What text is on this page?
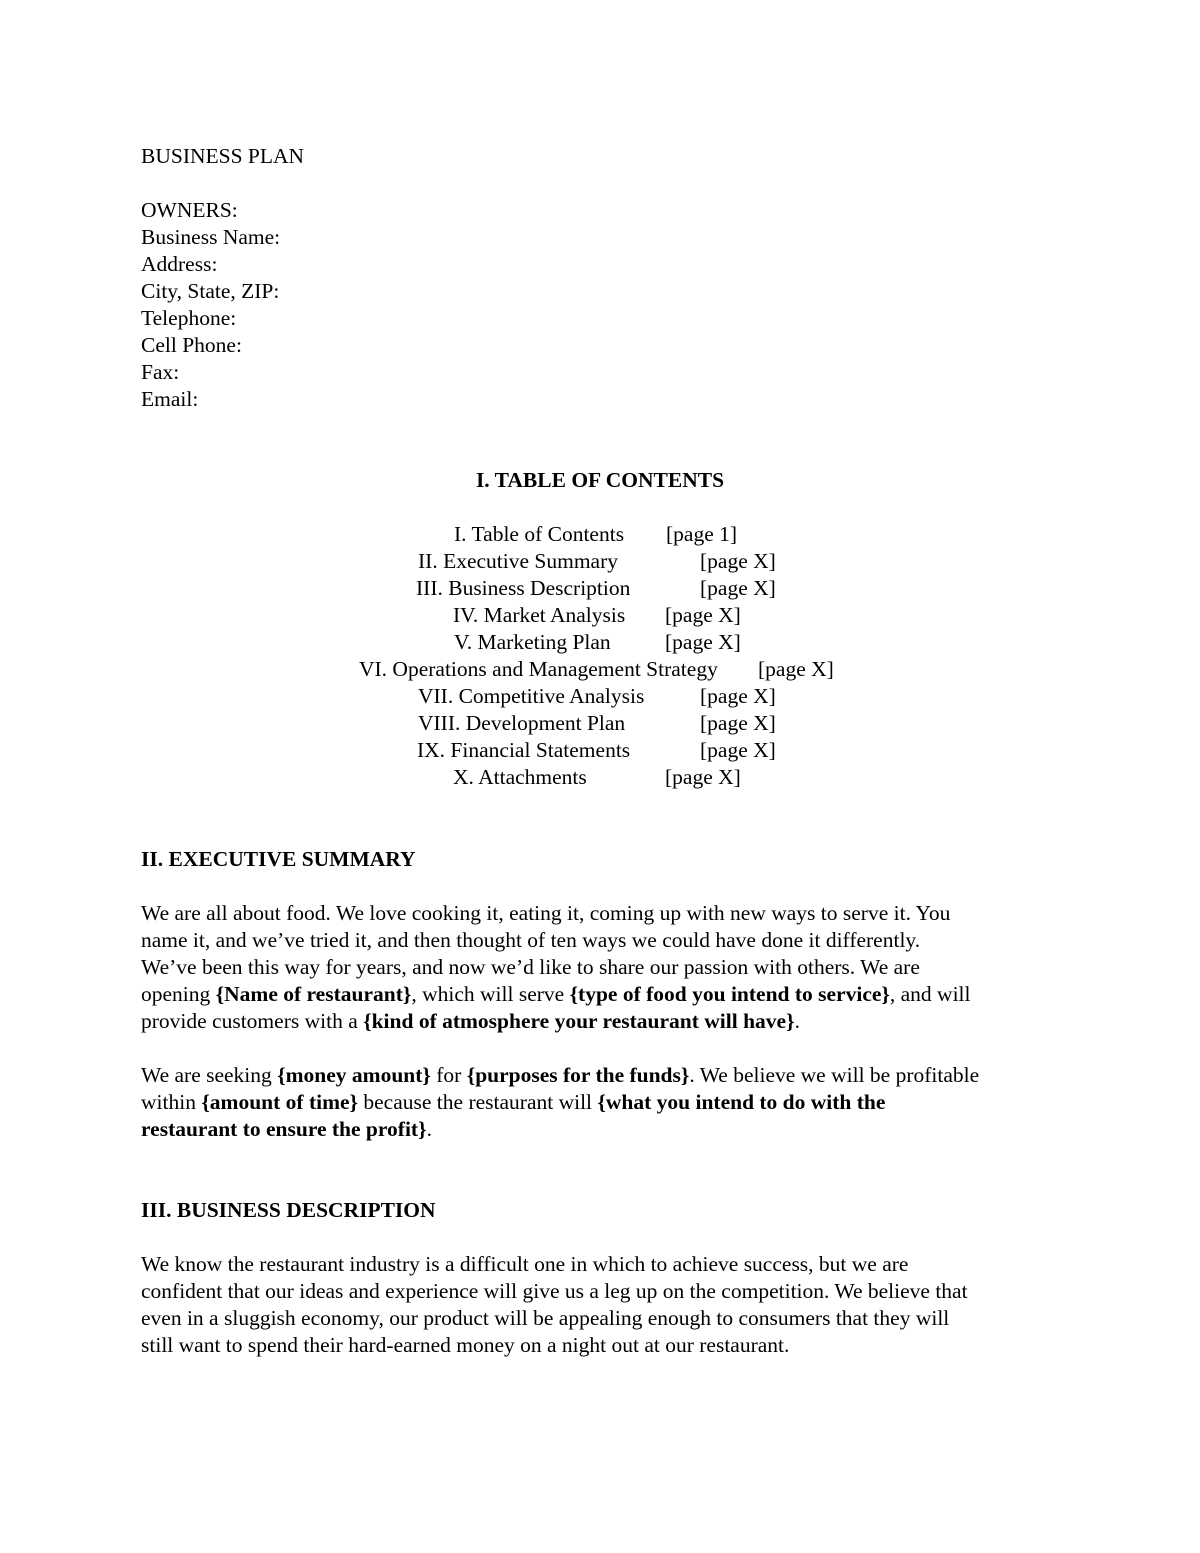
BUSINESS PLAN
OWNERS:
Business Name:
Address:
City, State, ZIP:
Telephone:
Cell Phone:
Fax:
Email:
I. TABLE OF CONTENTS
I. Table of Contents [page 1]
II. Executive Summary	[page X]
III. Business Description	[page X]
IV. Market Analysis [page X]
V. Marketing Plan	[page X]
VI. Operations and Management Strategy [page X]
VII. Competitive Analysis	[page X]
VIII. Development Plan	[page X]
IX. Financial Statements	[page X]
X. Attachments	[page X]
II. EXECUTIVE SUMMARY
We are all about food. We love cooking it, eating it, coming up with new ways to serve it. You
name it, and we’ve tried it, and then thought of ten ways we could have done it differently.
We’ve been this way for years, and now we’d like to share our passion with others. We are
opening {Name of restaurant}, which will serve {type of food you intend to service}, and will
provide customers with a {kind of atmosphere your restaurant will have}.
We are seeking {money amount} for {purposes for the funds}. We believe we will be profitable
within {amount of time} because the restaurant will {what you intend to do with the
restaurant to ensure the profit}.
III. BUSINESS DESCRIPTION
We know the restaurant industry is a difficult one in which to achieve success, but we are
confident that our ideas and experience will give us a leg up on the competition. We believe that
even in a sluggish economy, our product will be appealing enough to consumers that they will
still want to spend their hard-earned money on a night out at our restaurant.
